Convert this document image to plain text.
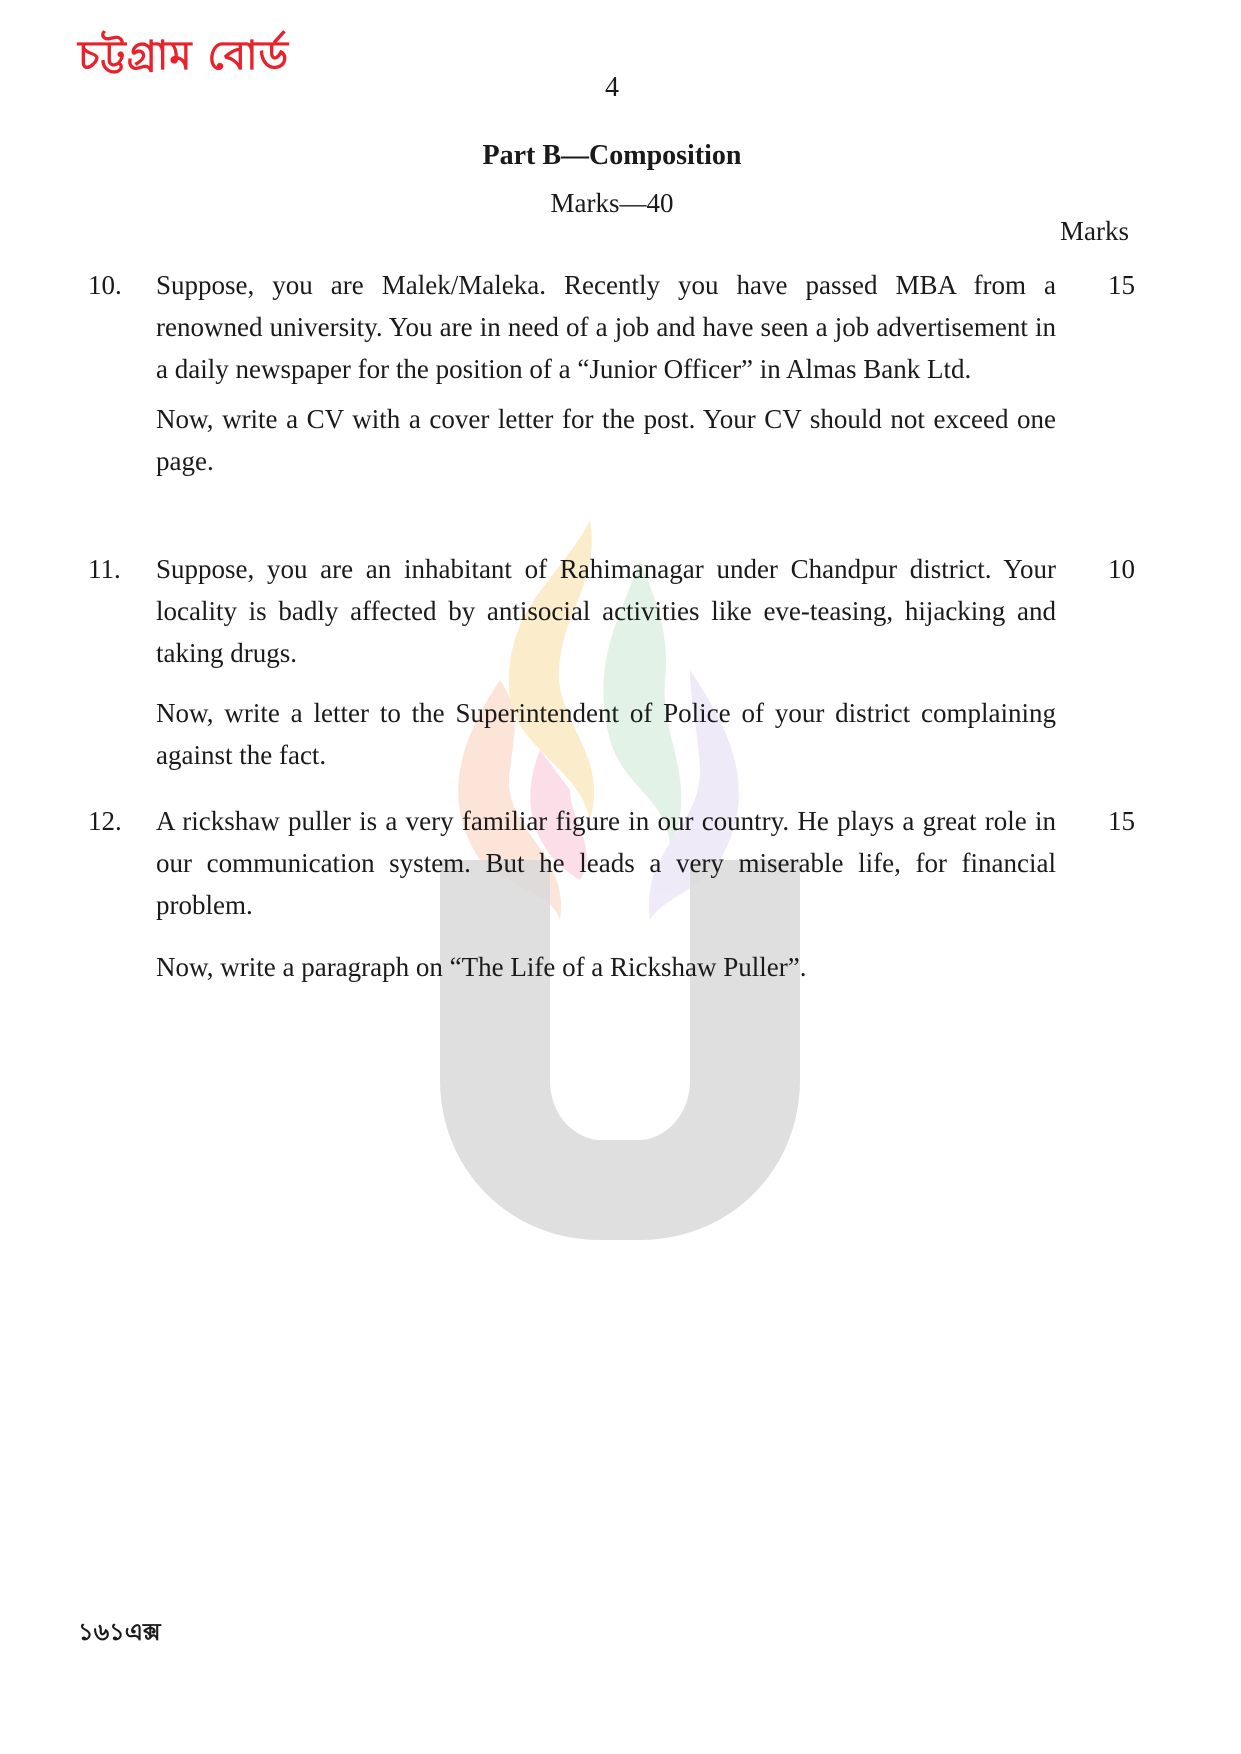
চট্টগ্রাম বোর্ড
4
Part B—Composition
Marks—40
Marks
10. Suppose, you are Malek/Maleka. Recently you have passed MBA from a renowned university. You are in need of a job and have seen a job advertisement in a daily newspaper for the position of a “Junior Officer” in Almas Bank Ltd.

Now, write a CV with a cover letter for the post. Your CV should not exceed one page.

15
11. Suppose, you are an inhabitant of Rahimanagar under Chandpur district. Your locality is badly affected by antisocial activities like eve-teasing, hijacking and taking drugs.

Now, write a letter to the Superintendent of Police of your district complaining against the fact.

10
12. A rickshaw puller is a very familiar figure in our country. He plays a great role in our communication system. But he leads a very miserable life, for financial problem.

Now, write a paragraph on “The Life of a Rickshaw Puller”.

15
১৬১এক্স
